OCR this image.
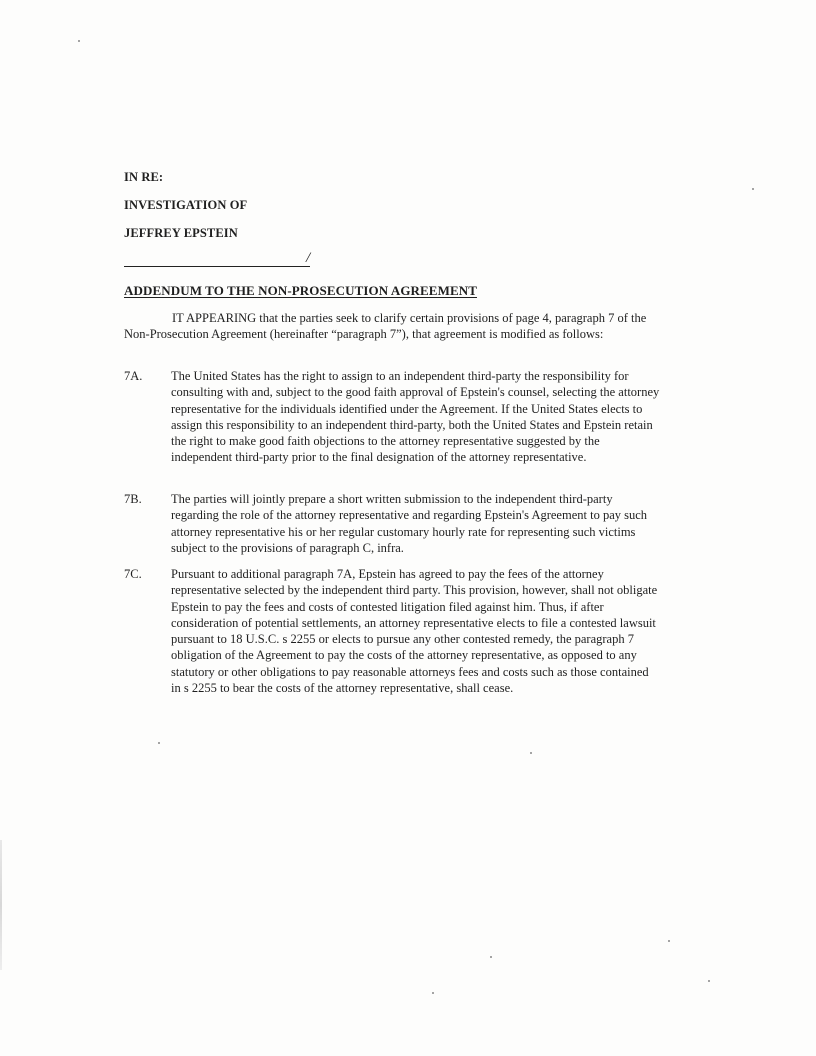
IN RE:
INVESTIGATION OF
JEFFREY EPSTEIN
/
ADDENDUM TO THE NON-PROSECUTION AGREEMENT
IT APPEARING that the parties seek to clarify certain provisions of page 4, paragraph 7 of the Non-Prosecution Agreement (hereinafter “paragraph 7”), that agreement is modified as follows:
7A.	The United States has the right to assign to an independent third-party the responsibility for consulting with and, subject to the good faith approval of Epstein's counsel, selecting the attorney representative for the individuals identified under the Agreement. If the United States elects to assign this responsibility to an independent third-party, both the United States and Epstein retain the right to make good faith objections to the attorney representative suggested by the independent third-party prior to the final designation of the attorney representative.
7B.	The parties will jointly prepare a short written submission to the independent third-party regarding the role of the attorney representative and regarding Epstein's Agreement to pay such attorney representative his or her regular customary hourly rate for representing such victims subject to the provisions of paragraph C, infra.
7C.	Pursuant to additional paragraph 7A, Epstein has agreed to pay the fees of the attorney representative selected by the independent third party. This provision, however, shall not obligate Epstein to pay the fees and costs of contested litigation filed against him. Thus, if after consideration of potential settlements, an attorney representative elects to file a contested lawsuit pursuant to 18 U.S.C. s 2255 or elects to pursue any other contested remedy, the paragraph 7 obligation of the Agreement to pay the costs of the attorney representative, as opposed to any statutory or other obligations to pay reasonable attorneys fees and costs such as those contained in s 2255 to bear the costs of the attorney representative, shall cease.
